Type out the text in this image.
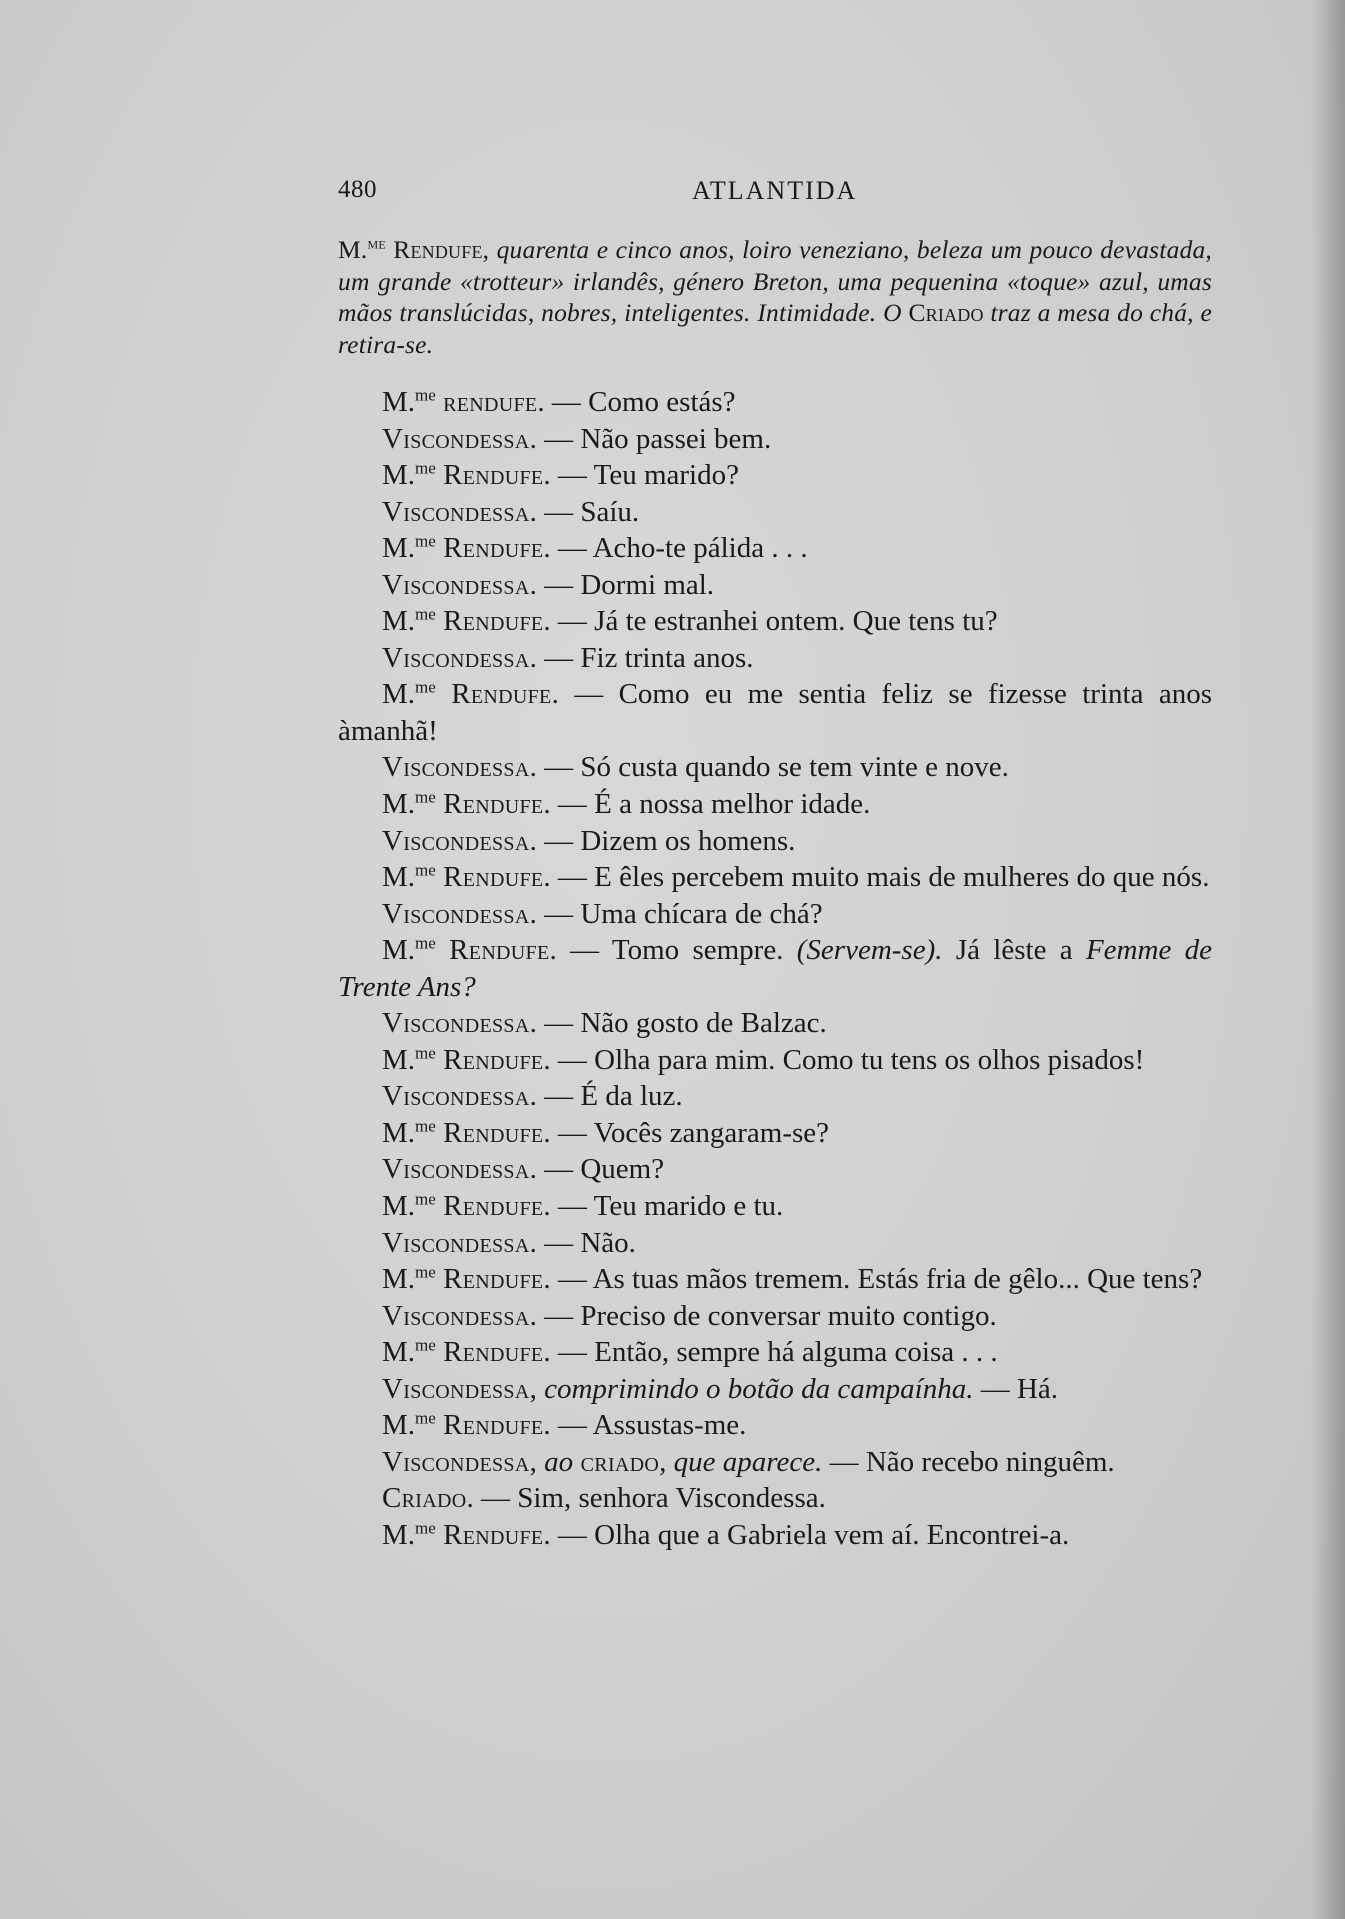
480	ATLANTIDA
M.$^{me}$ Rendufe, quarenta e cinco anos, loiro veneziano, beleza um pouco devastada, um grande «trotteur» irlandês, género Breton, uma pequenina «toque» azul, umas mãos translúcidas, nobres, inteligentes. Intimidade. O Criado traz a mesa do chá, e retira-se.

M.$^{me}$ rendufe. — Como estás?

Viscondessa. — Não passei bem.

M.$^{me}$ Rendufe. — Teu marido?

Viscondessa. — Saíu.

M.$^{me}$ Rendufe. — Acho-te pálida . . .

Viscondessa. — Dormi mal.

M.$^{me}$ Rendufe. — Já te estranhei ontem. Que tens tu?

Viscondessa. — Fiz trinta anos.

M.$^{me}$ Rendufe. — Como eu me sentia feliz se fizesse trinta anos àmanhã!

Viscondessa. — Só custa quando se tem vinte e nove.

M.$^{me}$ Rendufe. — É a nossa melhor idade.

Viscondessa. — Dizem os homens.

M.$^{me}$ Rendufe. — E êles percebem muito mais de mulheres do que nós.

Viscondessa. — Uma chícara de chá?

M.$^{me}$ Rendufe. — Tomo sempre. (Servem-se). Já lêste a Femme de Trente Ans?

Viscondessa. — Não gosto de Balzac.

M.$^{me}$ Rendufe. — Olha para mim. Como tu tens os olhos pisados!

Viscondessa. — É da luz.

M.$^{me}$ Rendufe. — Vocês zangaram-se?

Viscondessa. — Quem?

M.$^{me}$ Rendufe. — Teu marido e tu.

Viscondessa. — Não.

M.$^{me}$ Rendufe. — As tuas mãos tremem. Estás fria de gêlo... Que tens?

Viscondessa. — Preciso de conversar muito contigo.

M.$^{me}$ Rendufe. — Então, sempre há alguma coisa . . .

Viscondessa, comprimindo o botão da campaínha. — Há.

M.$^{me}$ Rendufe. — Assustas-me.

Viscondessa, ao criado, que aparece. — Não recebo ninguêm.

Criado. — Sim, senhora Viscondessa.

M.$^{me}$ Rendufe. — Olha que a Gabriela vem aí. Encontrei-a.
